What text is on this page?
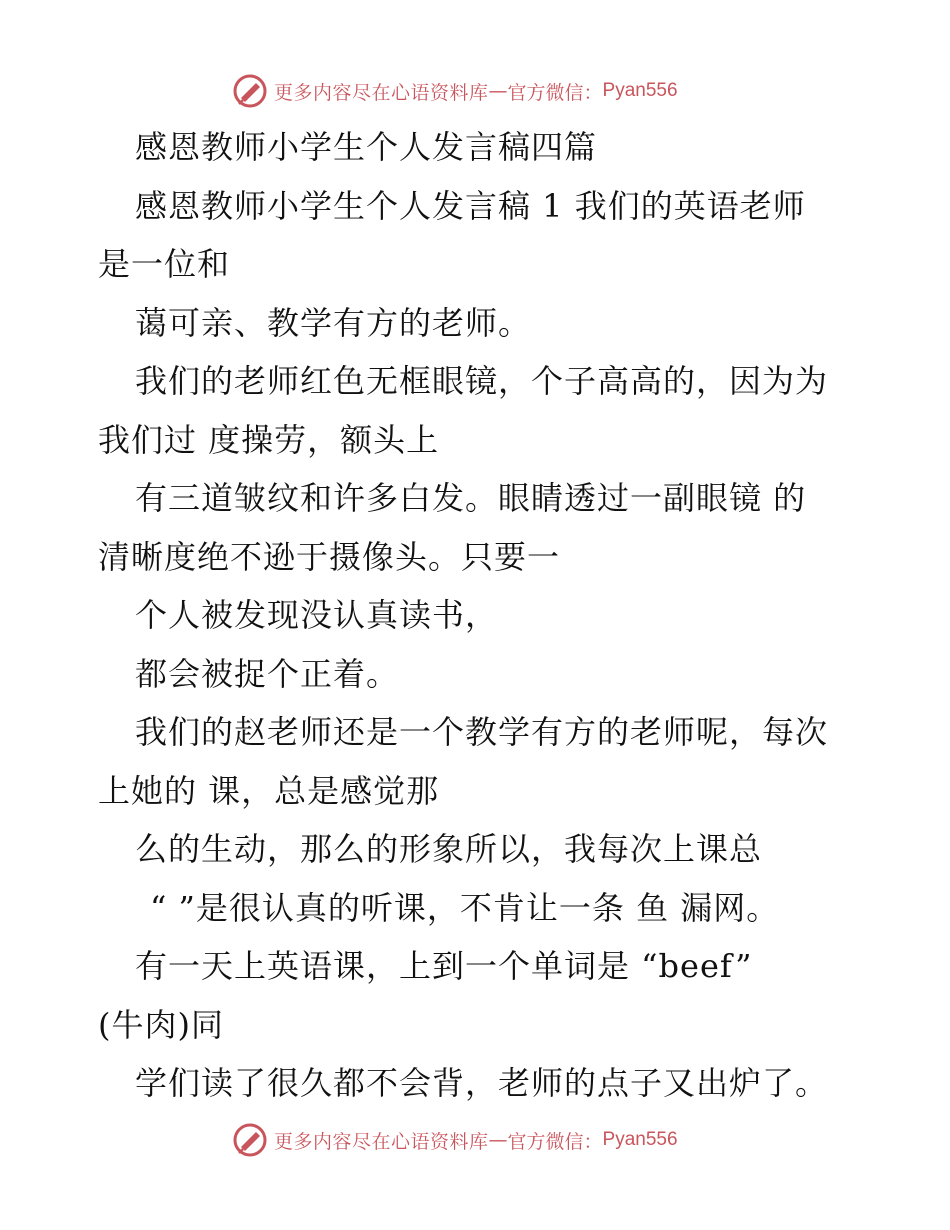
更多内容尽在心语资料库 — 官方微信： Pyan556
感恩教师小学生个人发言稿四篇
感恩教师小学生个人发言稿 1 我们的英语老师
是一位和
蔼可亲、教学有方的老师。
我们的老师红色无框眼镜，个子高高的，因为为
我们过 度操劳，额头上
有三道皱纹和许多白发。眼睛透过一副眼镜 的
清晰度绝不逊于摄像头。只要一
个人被发现没认真读书，
都会被捉个正着。
我们的赵老师还是一个教学有方的老师呢，每次
上她的 课，总是感觉那
么的生动，那么的形象所以，我每次上课总
“ ”是很认真的听课，不肯让一条 鱼 漏网。
有一天上英语课，上到一个单词是 “beef”
(牛肉)同
学们读了很久都不会背，老师的点子又出炉了。
更多内容尽在心语资料库 — 官方微信： Pyan556
